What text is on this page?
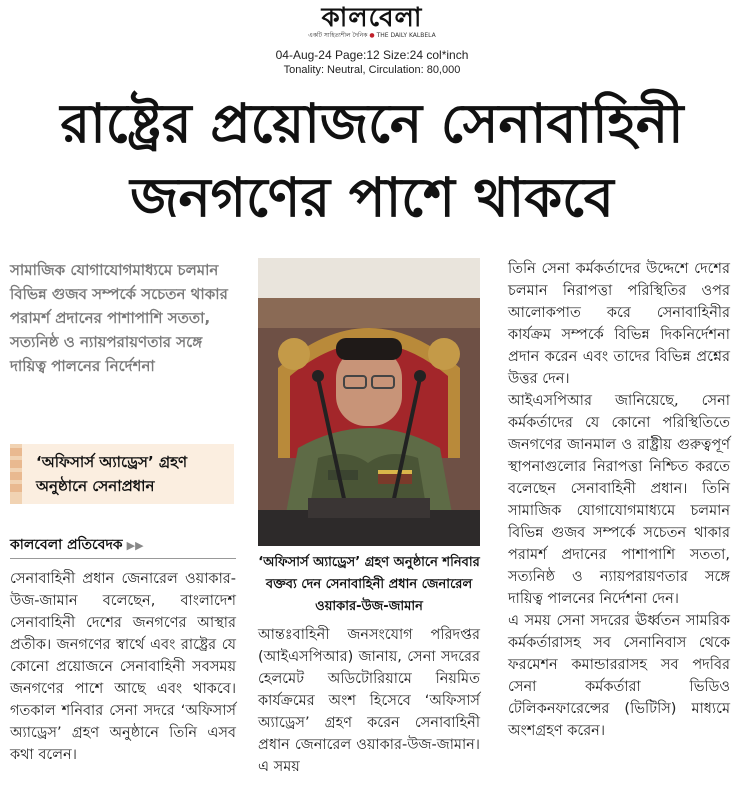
কালবেলা
একটি সাহিত্যশীল দৈনিক ● THE DAILY KALBELA
04-Aug-24 Page:12 Size:24 col*inch
Tonality: Neutral, Circulation: 80,000
রাষ্ট্রের প্রয়োজনে সেনাবাহিনী
জনগণের পাশে থাকবে
সামাজিক যোগাযোগমাধ্যমে চলমান বিভিন্ন গুজব সম্পর্কে সচেতন থাকার পরামর্শ প্রদানের পাশাপাশি সততা, সত্যনিষ্ঠ ও ন্যায়পরায়ণতার সঙ্গে দায়িত্ব পালনের নির্দেশনা
‘অফিসার্স অ্যাড্রেস’ গ্রহণ অনুষ্ঠানে সেনাপ্রধান
কালবেলা প্রতিবেদক ▶▶

সেনাবাহিনী প্রধান জেনারেল ওয়াকার-উজ-জামান বলেছেন, বাংলাদেশ সেনাবাহিনী দেশের জনগণের আস্থার প্রতীক। জনগণের স্বার্থে এবং রাষ্ট্রের যে কোনো প্রয়োজনে সেনাবাহিনী সবসময় জনগণের পাশে আছে এবং থাকবে। গতকাল শনিবার সেনা সদরে ‘অফিসার্স অ্যাড্রেস’ গ্রহণ অনুষ্ঠানে তিনি এসব কথা বলেন।

‘অফিসার্স অ্যাড্রেস’ গ্রহণ অনুষ্ঠানে শনিবার বক্তব্য দেন সেনাবাহিনী প্রধান জেনারেল ওয়াকার-উজ-জামান

আন্তঃবাহিনী জনসংযোগ পরিদপ্তর (আইএসপিআর) জানায়, সেনা সদরের হেলমেট অডিটোরিয়ামে নিয়মিত কার্যক্রমের অংশ হিসেবে ‘অফিসার্স অ্যাড্রেস’ গ্রহণ করেন সেনাবাহিনী প্রধান জেনারেল ওয়াকার-উজ-জামান। এ সময়

তিনি সেনা কর্মকর্তাদের উদ্দেশে দেশের চলমান নিরাপত্তা পরিস্থিতির ওপর আলোকপাত করে সেনাবাহিনীর কার্যক্রম সম্পর্কে বিভিন্ন দিকনির্দেশনা প্রদান করেন এবং তাদের বিভিন্ন প্রশ্নের উত্তর দেন।

আইএসপিআর জানিয়েছে, সেনা কর্মকর্তাদের যে কোনো পরিস্থিতিতে জনগণের জানমাল ও রাষ্ট্রীয় গুরুত্বপূর্ণ স্থাপনাগুলোর নিরাপত্তা নিশ্চিত করতে বলেছেন সেনাবাহিনী প্রধান। তিনি সামাজিক যোগাযোগমাধ্যমে চলমান বিভিন্ন গুজব সম্পর্কে সচেতন থাকার পরামর্শ প্রদানের পাশাপাশি সততা, সত্যনিষ্ঠ ও ন্যায়পরায়ণতার সঙ্গে দায়িত্ব পালনের নির্দেশনা দেন।

এ সময় সেনা সদরের ঊর্ধ্বতন সামরিক কর্মকর্তারাসহ সব সেনানিবাস থেকে ফরমেশন কমান্ডাররাসহ সব পদবির সেনা কর্মকর্তারা ভিডিও টেলিকনফারেন্সের (ভিটিসি) মাধ্যমে অংশগ্রহণ করেন।
